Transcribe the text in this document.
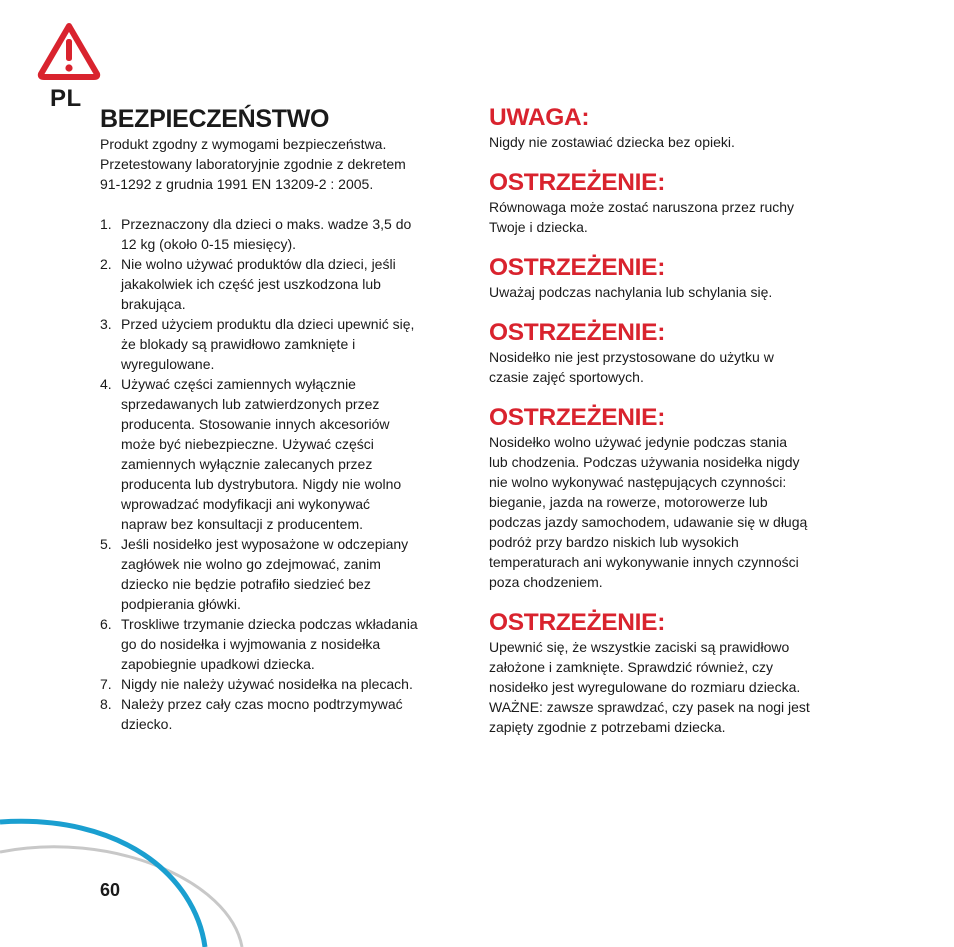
PL
BEZPIECZEŃSTWO

Produkt zgodny z wymogami bezpieczeństwa.

Przetestowany laboratoryjnie zgodnie z dekretem

91-1292 z grudnia 1991 EN 13209-2 : 2005.

1. Przeznaczony dla dzieci o maks. wadze 3,5 do
12 kg (około 0-15 miesięcy).
2. Nie wolno używać produktów dla dzieci, jeśli
jakakolwiek ich część jest uszkodzona lub
brakująca.
3. Przed użyciem produktu dla dzieci upewnić się,
że blokady są prawidłowo zamknięte i
wyregulowane.
4. Używać części zamiennych wyłącznie
sprzedawanych lub zatwierdzonych przez
producenta. Stosowanie innych akcesoriów
może być niebezpieczne. Używać części
zamiennych wyłącznie zalecanych przez
producenta lub dystrybutora. Nigdy nie wolno
wprowadzać modyfikacji ani wykonywać
napraw bez konsultacji z producentem.
5. Jeśli nosidełko jest wyposażone w odczepiany
zagłówek nie wolno go zdejmować, zanim
dziecko nie będzie potrafiło siedzieć bez
podpierania główki.
6. Troskliwe trzymanie dziecka podczas wkładania
go do nosidełka i wyjmowania z nosidełka
zapobiegnie upadkowi dziecka.
7. Nigdy nie należy używać nosidełka na plecach.
8. Należy przez cały czas mocno podtrzymywać
dziecko.
UWAGA:

Nigdy nie zostawiać dziecka bez opieki.

OSTRZEŻENIE:

Równowaga może zostać naruszona przez ruchy

Twoje i dziecka.

OSTRZEŻENIE:

Uważaj podczas nachylania lub schylania się.

OSTRZEŻENIE:

Nosidełko nie jest przystosowane do użytku w

czasie zajęć sportowych.

OSTRZEŻENIE:

Nosidełko wolno używać jedynie podczas stania

lub chodzenia. Podczas używania nosidełka nigdy

nie wolno wykonywać następujących czynności:

bieganie, jazda na rowerze, motorowerze lub

podczas jazdy samochodem, udawanie się w długą

podróż przy bardzo niskich lub wysokich

temperaturach ani wykonywanie innych czynności

poza chodzeniem.

OSTRZEŻENIE:

Upewnić się, że wszystkie zaciski są prawidłowo

założone i zamknięte. Sprawdzić również, czy

nosidełko jest wyregulowane do rozmiaru dziecka.

WAŻNE: zawsze sprawdzać, czy pasek na nogi jest

zapięty zgodnie z potrzebami dziecka.

60
